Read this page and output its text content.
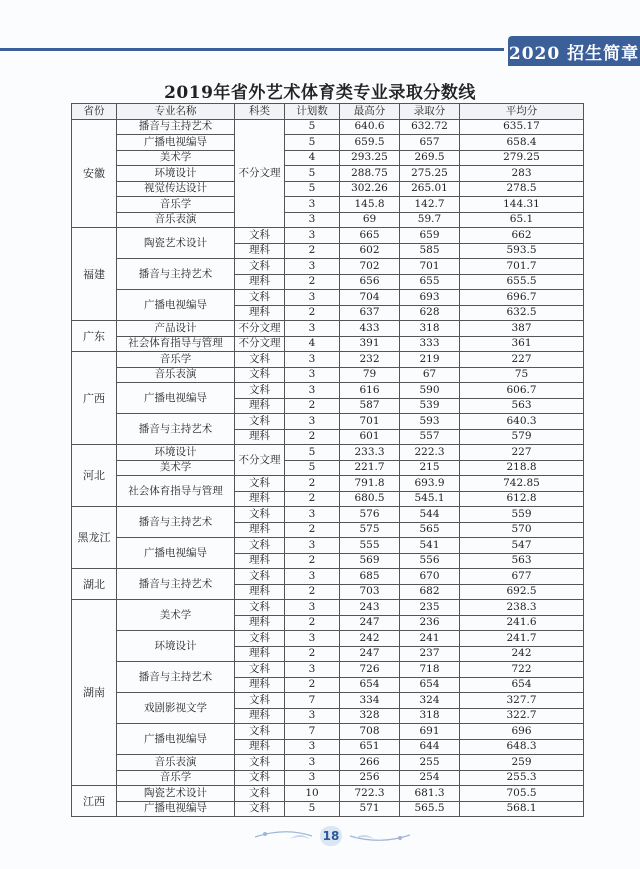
2020 招生简章
2019年省外艺术体育类专业录取分数线
省份	专业名称	科类	计划数	最高分	录取分	平均分
安徽	播音与主持艺术	不分文理	5	640.6	632.72	635.17
	广播电视编导		5	659.5	657	658.4
	美术学		4	293.25	269.5	279.25
	环境设计		5	288.75	275.25	283
	视觉传达设计		5	302.26	265.01	278.5
	音乐学		3	145.8	142.7	144.31
	音乐表演		3	69	59.7	65.1
福建	陶瓷艺术设计	文科	3	665	659	662
		理科	2	602	585	593.5
	播音与主持艺术	文科	3	702	701	701.7
		理科	2	656	655	655.5
	广播电视编导	文科	3	704	693	696.7
		理科	2	637	628	632.5
广东	产品设计	不分文理	3	433	318	387
	社会体育指导与管理	不分文理	4	391	333	361
广西	音乐学	文科	3	232	219	227
	音乐表演	文科	3	79	67	75
	广播电视编导	文科	3	616	590	606.7
		理科	2	587	539	563
	播音与主持艺术	文科	3	701	593	640.3
		理科	2	601	557	579
河北	环境设计	不分文理	5	233.3	222.3	227
	美术学		5	221.7	215	218.8
	社会体育指导与管理	文科	2	791.8	693.9	742.85
		理科	2	680.5	545.1	612.8
黑龙江	播音与主持艺术	文科	3	576	544	559
		理科	2	575	565	570
	广播电视编导	文科	3	555	541	547
		理科	2	569	556	563
湖北	播音与主持艺术	文科	3	685	670	677
		理科	2	703	682	692.5
湖南	美术学	文科	3	243	235	238.3
		理科	2	247	236	241.6
	环境设计	文科	3	242	241	241.7
		理科	2	247	237	242
	播音与主持艺术	文科	3	726	718	722
		理科	2	654	654	654
	戏剧影视文学	文科	7	334	324	327.7
		理科	3	328	318	322.7
	广播电视编导	文科	7	708	691	696
		理科	3	651	644	648.3
	音乐表演	文科	3	266	255	259
	音乐学	文科	3	256	254	255.3
江西	陶瓷艺术设计	文科	10	722.3	681.3	705.5
	广播电视编导	文科	5	571	565.5	568.1
18
